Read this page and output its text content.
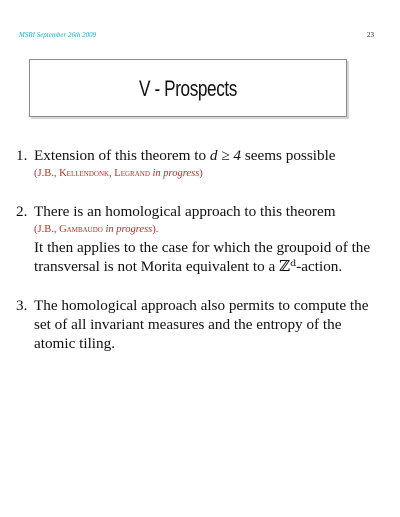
MSRI September 26th 2009	23
V - Prospects
1. Extension of this theorem to d ≥ 4 seems possible
(J.B., Kellendonk, Legrand in progress)
2. There is an homological approach to this theorem
(J.B., Gambaudo in progress).
It then applies to the case for which the groupoid of the transversal is not Morita equivalent to a ℤᵈ-action.
3. The homological approach also permits to compute the set of all invariant measures and the entropy of the atomic tiling.
